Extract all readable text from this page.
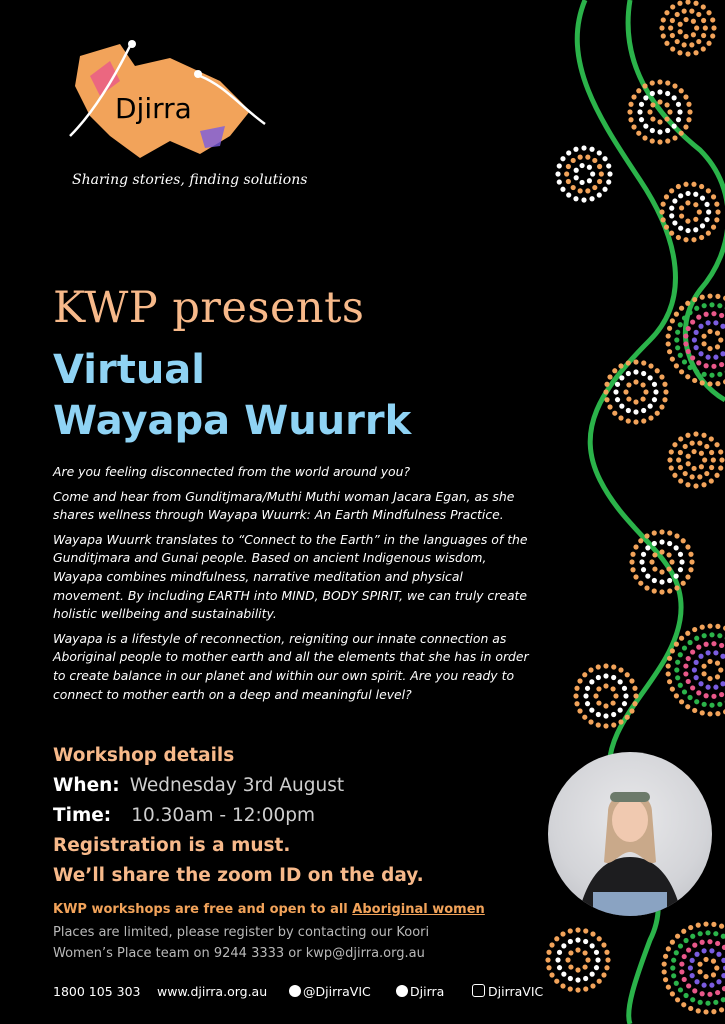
Djirra
Sharing stories, finding solutions
KWP presents
Virtual
Wayapa Wuurrk

Are you feeling disconnected from the world around you?

Come and hear from Gunditjmara/Muthi Muthi woman Jacara Egan, as she shares wellness through Wayapa Wuurrk: An Earth Mindfulness Practice.

Wayapa Wuurrk translates to “Connect to the Earth” in the languages of the Gunditjmara and Gunai people. Based on ancient Indigenous wisdom, Wayapa combines mindfulness, narrative meditation and physical movement. By including EARTH into MIND, BODY SPIRIT, we can truly create holistic wellbeing and sustainability.

Wayapa is a lifestyle of reconnection, reigniting our innate connection as Aboriginal people to mother earth and all the elements that she has in order to create balance in our planet and within our own spirit. Are you ready to connect to mother earth on a deep and meaningful level?

Workshop details
When: Wednesday 3rd August
Time: 10.30am - 12:00pm
Registration is a must.
We’ll share the zoom ID on the day.
KWP workshops are free and open to all Aboriginal women
Places are limited, please register by contacting our Koori Women’s Place team on 9244 3333 or kwp@djirra.org.au
1800 105 303 www.djirra.org.au	@DjirraVIC	Djirra	DjirraVIC
